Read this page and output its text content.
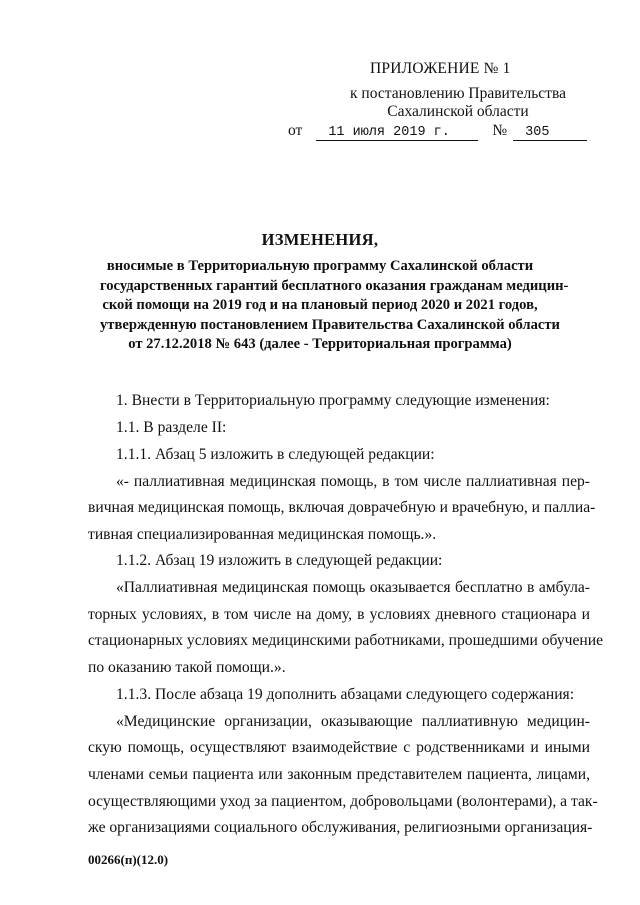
ПРИЛОЖЕНИЕ № 1
к постановлению Правительства
Сахалинской области
от 11 июля 2019 г.	№ 305
ИЗМЕНЕНИЯ,
вносимые в Территориальную программу Сахалинской области
государственных гарантий бесплатного оказания гражданам медицин-
ской помощи на 2019 год и на плановый период 2020 и 2021 годов,
утвержденную постановлением Правительства Сахалинской области
от 27.12.2018 № 643 (далее - Территориальная программа)
1. Внести в Территориальную программу следующие изменения:
1.1. В разделе II:
1.1.1. Абзац 5 изложить в следующей редакции:
«- паллиативная медицинская помощь, в том числе паллиативная пер-
вичная медицинская помощь, включая доврачебную и врачебную, и паллиа-
тивная специализированная медицинская помощь.».
1.1.2. Абзац 19 изложить в следующей редакции:
«Паллиативная медицинская помощь оказывается бесплатно в амбула-
торных условиях, в том числе на дому, в условиях дневного стационара и
стационарных условиях медицинскими работниками, прошедшими обучение
по оказанию такой помощи.».
1.1.3. После абзаца 19 дополнить абзацами следующего содержания:
«Медицинские организации, оказывающие паллиативную медицин-
скую помощь, осуществляют взаимодействие с родственниками и иными
членами семьи пациента или законным представителем пациента, лицами,
осуществляющими уход за пациентом, добровольцами (волонтерами), а так-
же организациями социального обслуживания, религиозными организация-
00266(п)(12.0)
